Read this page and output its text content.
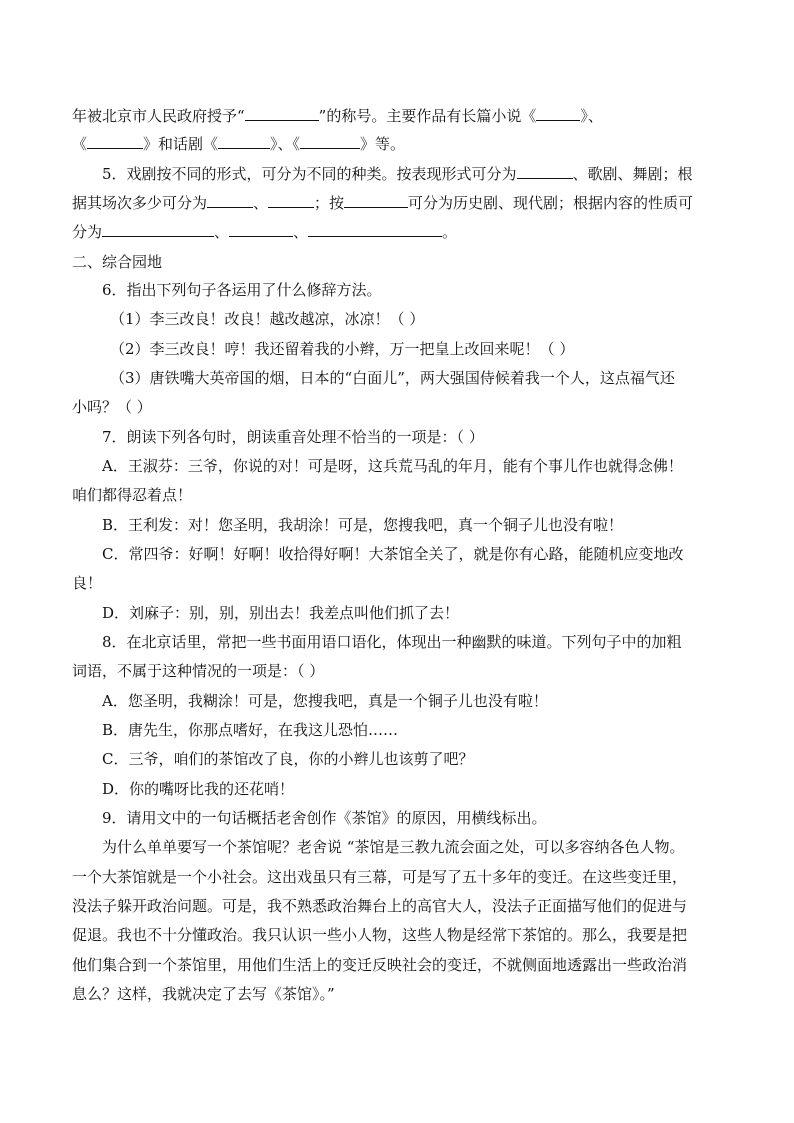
年被北京市人民政府授予“	”的称号。主要作品有长篇小说《	》、
《	》和话剧《	》、《	》等。
5．戏剧按不同的形式，可分为不同的种类。按表现形式可分为	、歌剧、舞剧；根
据其场次多少可分为	、	；按	可分为历史剧、现代剧；根据内容的性质可
分为	、	、	。
二、综合园地
6．指出下列句子各运用了什么修辞方法。
（1）李三改良！改良！越改越凉，冰凉！（ ）
（2）李三改良！哼！我还留着我的小辫，万一把皇上改回来呢！（ ）
（3）唐铁嘴大英帝国的烟，日本的“白面儿”，两大强国侍候着我一个人，这点福气还
小吗？（ ）
7．朗读下列各句时，朗读重音处理不恰当的一项是：（ ）
A．王淑芬：三爷，你说的对！可是呀，这兵荒马乱的年月，能有个事儿作也就得念佛！
咱们都得忍着点！
B．王利发：对！您圣明，我胡涂！可是，您搜我吧，真一个铜子儿也没有啦！
C．常四爷：好啊！好啊！收拾得好啊！大茶馆全关了，就是你有心路，能随机应变地改
良！
D．刘麻子：别，别，别出去！我差点叫他们抓了去！
8．在北京话里，常把一些书面用语口语化，体现出一种幽默的味道。下列句子中的加粗
词语，不属于这种情况的一项是：（ ）
A．您圣明，我糊涂！可是，您搜我吧，真是一个铜子儿也没有啦！
B．唐先生，你那点嗜好，在我这儿恐怕……
C．三爷，咱们的茶馆改了良，你的小辫儿也该剪了吧？
D．你的嘴呀比我的还花哨！
9．请用文中的一句话概括老舍创作《茶馆》的原因，用横线标出。
为什么单单要写一个茶馆呢？老舍说 “茶馆是三教九流会面之处，可以多容纳各色人物。
一个大茶馆就是一个小社会。这出戏虽只有三幕，可是写了五十多年的变迁。在这些变迁里，
没法子躲开政治问题。可是，我不熟悉政治舞台上的高官大人，没法子正面描写他们的促进与
促退。我也不十分懂政治。我只认识一些小人物，这些人物是经常下茶馆的。那么，我要是把
他们集合到一个茶馆里，用他们生活上的变迁反映社会的变迁，不就侧面地透露出一些政治消
息么？这样，我就决定了去写《茶馆》。”
